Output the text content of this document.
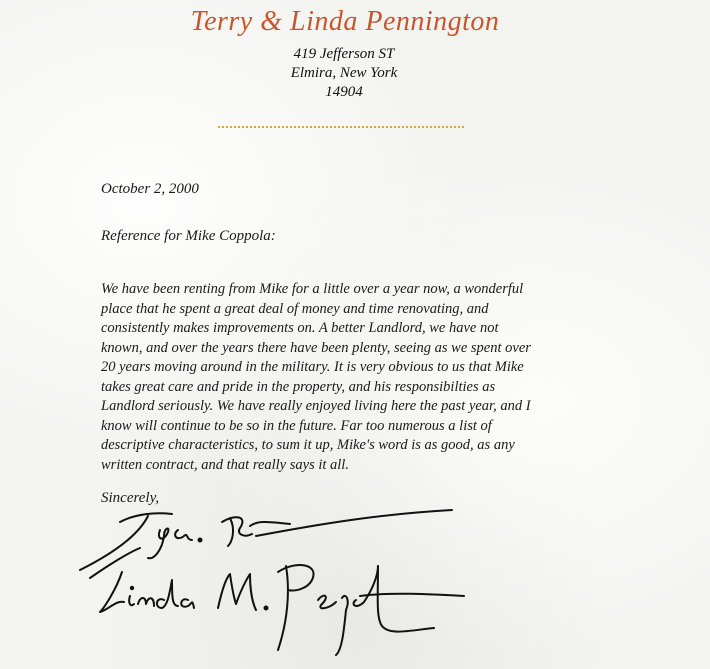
Terry & Linda Pennington
419 Jefferson ST
Elmira, New York
14904
October 2, 2000
Reference for Mike Coppola:
We have been renting from Mike for a little over a year now, a wonderful
place that he spent a great deal of money and time renovating, and
consistently makes improvements on. A better Landlord, we have not
known, and over the years there have been plenty, seeing as we spent over
20 years moving around in the military. It is very obvious to us that Mike
takes great care and pride in the property, and his responsibilties as
Landlord seriously. We have really enjoyed living here the past year, and I
know will continue to be so in the future. Far too numerous a list of
descriptive characteristics, to sum it up, Mike's word is as good, as any
written contract, and that really says it all.
Sincerely,
